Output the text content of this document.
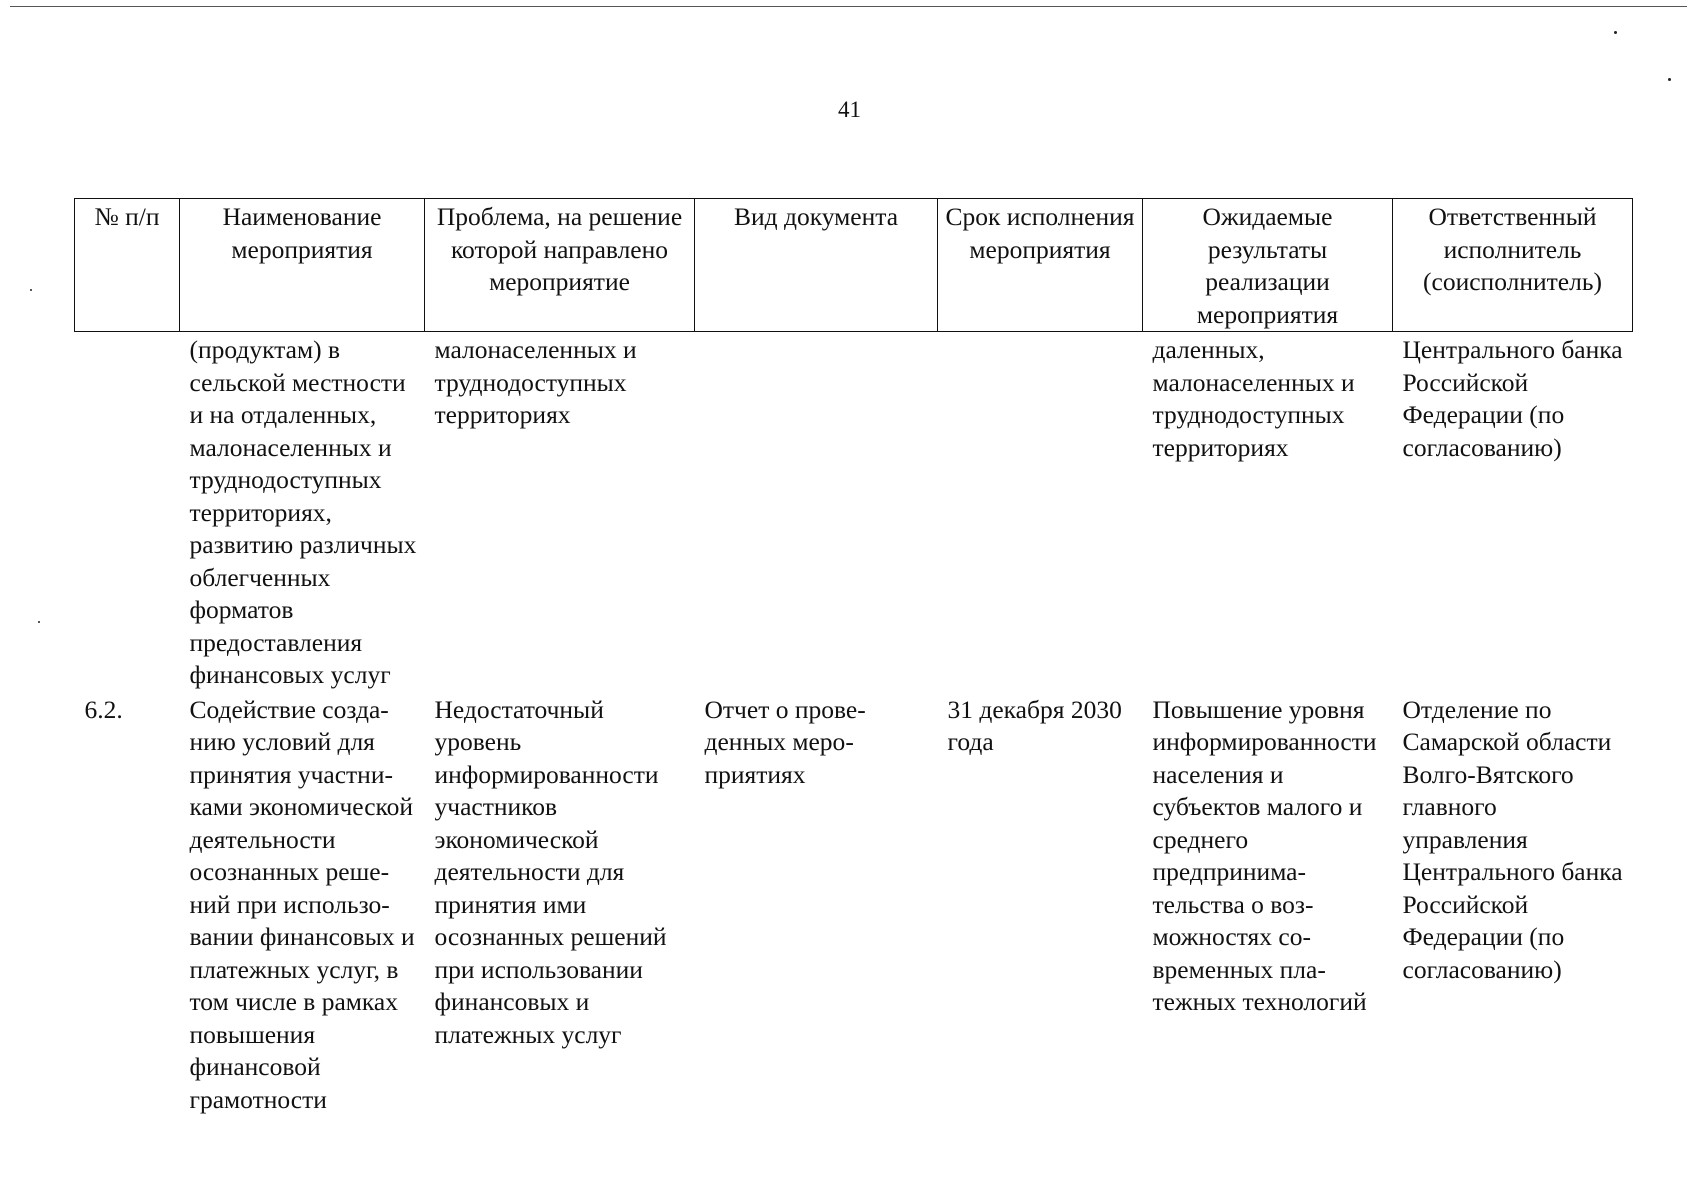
41
№ п/п	Наименование мероприятия	Проблема, на решение которой направлено мероприятие	Вид документа	Срок исполнения мероприятия	Ожидаемые результаты реализации мероприятия	Ответственный исполнитель (соисполнитель)
	(продуктам) в сельской местности и на отдаленных, малонаселенных и труднодоступных территориях, развитию различных облегченных форматов предоставления финансовых услуг	малонаселенных и труднодоступных территориях			даленных, малонаселенных и труднодоступных территориях	Центрального банка Российской Федерации (по согласованию)
6.2.	Содействие созданию условий для принятия участниками экономической деятельности осознанных решений при использовании финансовых и платежных услуг, в том числе в рамках повышения финансовой грамотности	Недостаточный уровень информированности участников экономической деятельности для принятия ими осознанных решений при использовании финансовых и платежных услуг	Отчет о проведенных мероприятиях	31 декабря 2030 года	Повышение уровня информированности населения и субъектов малого и среднего предпринимательства о возможностях современных платежных технологий	Отделение по Самарской области Волго-Вятского главного управления Центрального банка Российской Федерации (по согласованию)
